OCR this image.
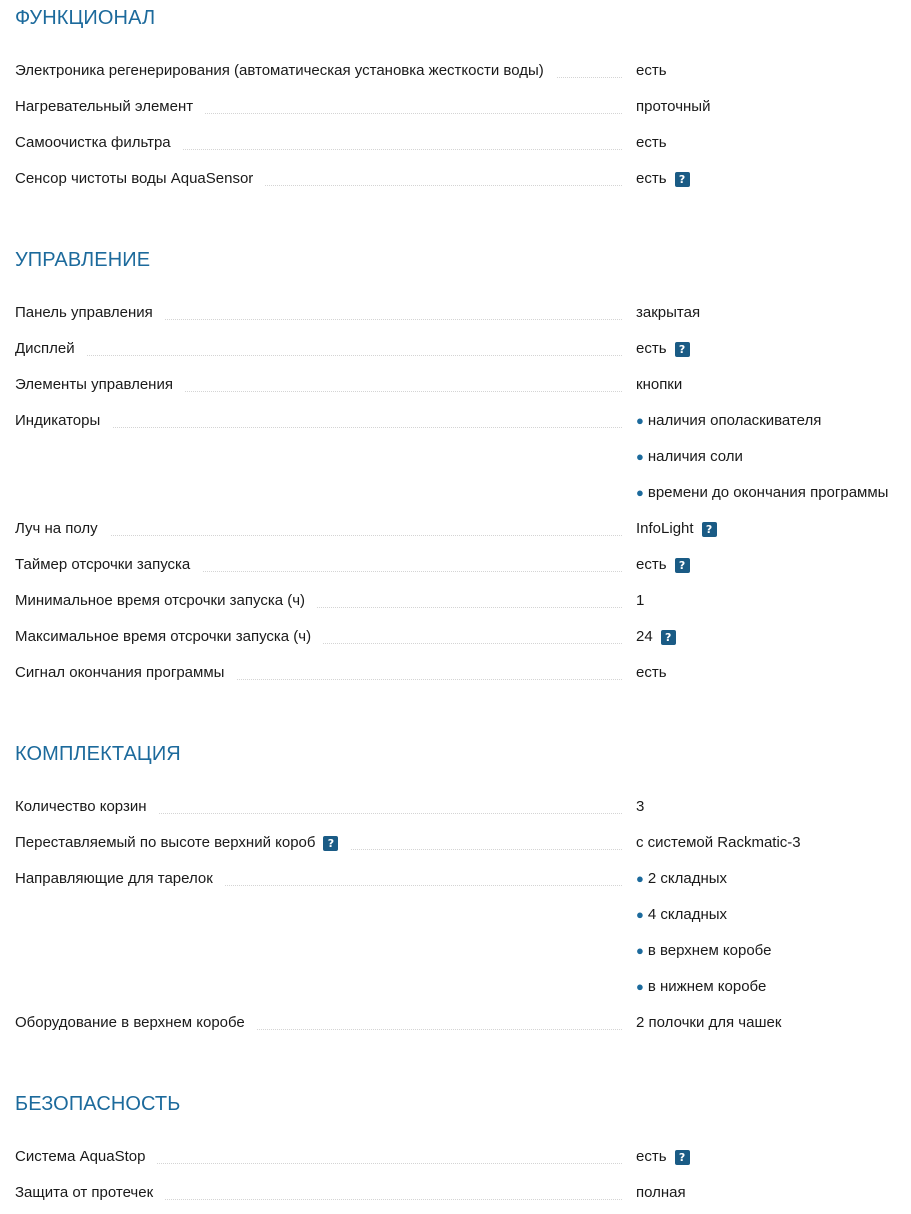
ФУНКЦИОНАЛ
Электроника регенерирования (автоматическая установка жесткости воды)	есть
Нагревательный элемент	проточный
Самоочистка фильтра	есть
Сенсор чистоты воды AquaSensor	есть	?
УПРАВЛЕНИЕ
Панель управления	закрытая
Дисплей	есть	?
Элементы управления	кнопки
Индикаторы	● наличия ополаскивателя
● наличия соли
● времени до окончания программы
Луч на полу	InfoLight	?
Таймер отсрочки запуска	есть	?
Минимальное время отсрочки запуска (ч)	1
Максимальное время отсрочки запуска (ч)	24	?
Сигнал окончания программы	есть
КОМПЛЕКТАЦИЯ
Количество корзин	3
Переставляемый по высоте верхний короб ?	с системой Rackmatic-3
Направляющие для тарелок	● 2 складных
● 4 складных
● в верхнем коробе
● в нижнем коробе
Оборудование в верхнем коробе	2 полочки для чашек
БЕЗОПАСНОСТЬ
Система AquaStop	есть	?
Защита от протечек	полная
